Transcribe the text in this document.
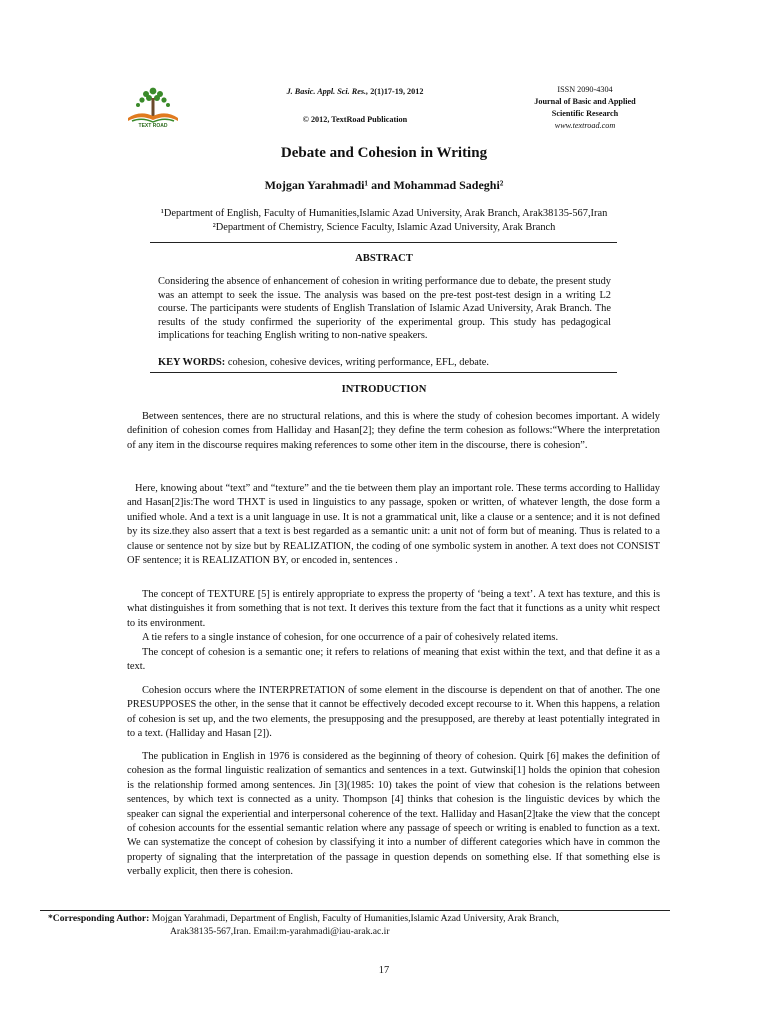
TEXT ROAD
J. Basic. Appl. Sci. Res., 2(1)17-19, 2012
© 2012, TextRoad Publication
ISSN 2090-4304
Journal of Basic and Applied
Scientific Research
www.textroad.com
Debate and Cohesion in Writing
Mojgan Yarahmadi¹ and Mohammad Sadeghi²
¹Department of English, Faculty of Humanities,Islamic Azad University, Arak Branch, Arak38135-567,Iran
²Department of Chemistry, Science Faculty, Islamic Azad University, Arak Branch
ABSTRACT
Considering the absence of enhancement of cohesion in writing performance due to debate, the present study was an attempt to seek the issue. The analysis was based on the pre-test post-test design in a writing L2 course. The participants were students of English Translation of Islamic Azad University, Arak Branch. The results of the study confirmed the superiority of the experimental group. This study has pedagogical implications for teaching English writing to non-native speakers.
KEY WORDS: cohesion, cohesive devices, writing performance, EFL, debate.
INTRODUCTION

Between sentences, there are no structural relations, and this is where the study of cohesion becomes important. A widely definition of cohesion comes from Halliday and Hasan[2]; they define the term cohesion as follows:“Where the interpretation of any item in the discourse requires making references to some other item in the discourse, there is cohesion”.

Here, knowing about “text” and “texture” and the tie between them play an important role. These terms according to Halliday and Hasan[2]is:The word THXT is used in linguistics to any passage, spoken or written, of whatever length, the dose form a unified whole. And a text is a unit language in use. It is not a grammatical unit, like a clause or a sentence; and it is not defined by its size.they also assert that a text is best regarded as a semantic unit: a unit not of form but of meaning. Thus is related to a clause or sentence not by size but by REALIZATION, the coding of one symbolic system in another. A text does not CONSIST OF sentence; it is REALIZATION BY, or encoded in, sentences .

The concept of TEXTURE [5] is entirely appropriate to express the property of ‘being a text’. A text has texture, and this is what distinguishes it from something that is not text. It derives this texture from the fact that it functions as a unity whit respect to its environment.

A tie refers to a single instance of cohesion, for one occurrence of a pair of cohesively related items.

The concept of cohesion is a semantic one; it refers to relations of meaning that exist within the text, and that define it as a text.

Cohesion occurs where the INTERPRETATION of some element in the discourse is dependent on that of another. The one PRESUPPOSES the other, in the sense that it cannot be effectively decoded except recourse to it. When this happens, a relation of cohesion is set up, and the two elements, the presupposing and the presupposed, are thereby at least potentially integrated in to a text. (Halliday and Hasan [2]).

The publication in English in 1976 is considered as the beginning of theory of cohesion. Quirk [6] makes the definition of cohesion as the formal linguistic realization of semantics and sentences in a text. Gutwinski[1] holds the opinion that cohesion is the relationship formed among sentences. Jin [3](1985: 10) takes the point of view that cohesion is the relations between sentences, by which text is connected as a unity. Thompson [4] thinks that cohesion is the linguistic devices by which the speaker can signal the experiential and interpersonal coherence of the text. Halliday and Hasan[2]take the view that the concept of cohesion accounts for the essential semantic relation where any passage of speech or writing is enabled to function as a text. We can systematize the concept of cohesion by classifying it into a number of different categories which have in common the property of signaling that the interpretation of the passage in question depends on something else. If that something else is verbally explicit, then there is cohesion.

*Corresponding Author: Mojgan Yarahmadi, Department of English, Faculty of Humanities,Islamic Azad University, Arak Branch,
Arak38135-567,Iran. Email:m-yarahmadi@iau-arak.ac.ir
17
